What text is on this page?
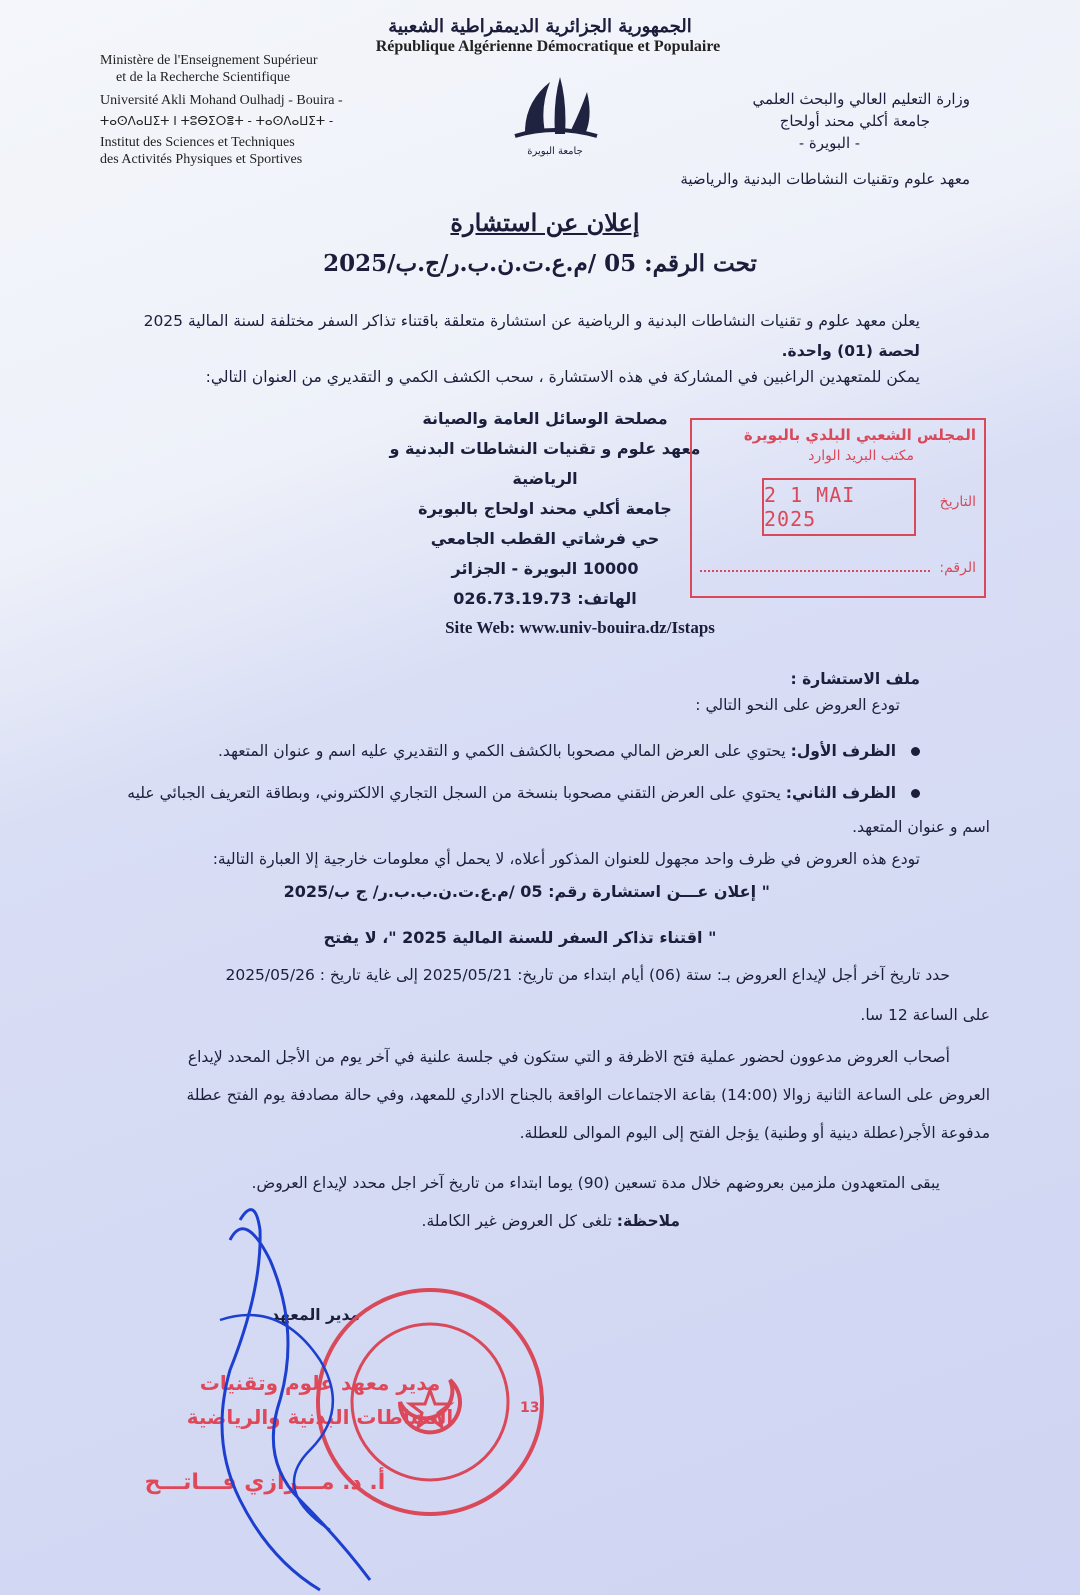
الجمهورية الجزائرية الديمقراطية الشعبية
République Algérienne Démocratique et Populaire
Ministère de l'Enseignement Supérieur
et de la Recherche Scientifique
Université Akli Mohand Oulhadj - Bouira -
ⵜⴰⵙⴷⴰⵡⵉⵜ ⵏ ⵜⵓⴱⵉⵔⴻⵜ - ⵜⴰⵙⴷⴰⵡⵉⵜ -
Institut des Sciences et Techniques
des Activités Physiques et Sportives
جامعة البويرة
وزارة التعليم العالي والبحث العلمي
جامعة أكلي محند أولحاج
- البويرة -
معهد علوم وتقنيات النشاطات البدنية والرياضية
إعلان عن استشارة
تحت الرقم: 05 /م.ع.ت.ن.ب.ر/ج.ب/2025
يعلن معهد علوم و تقنيات النشاطات البدنية و الرياضية عن استشارة متعلقة باقتناء تذاكر السفر مختلفة لسنة المالية 2025
لحصة (01) واحدة.
يمكن للمتعهدين الراغبين في المشاركة في هذه الاستشارة ، سحب الكشف الكمي و التقديري من العنوان التالي:
مصلحة الوسائل العامة والصيانة
معهد علوم و تقنيات النشاطات البدنية و الرياضية
جامعة أكلي محند اولحاج بالبويرة
حي فرشاتي القطب الجامعي
10000 البويرة - الجزائر
الهاتف: 026.73.19.73
Site Web: www.univ-bouira.dz/Istaps
المجلس الشعبي البلدي بالبويرة
مكتب البريد الوارد
2 1 MAI 2025
التاريخ
الرقم:
ملف الاستشارة :
تودع العروض على النحو التالي :
الظرف الأول: يحتوي على العرض المالي مصحوبا بالكشف الكمي و التقديري عليه اسم و عنوان المتعهد.
الظرف الثاني: يحتوي على العرض التقني مصحوبا بنسخة من السجل التجاري الالكتروني، وبطاقة التعريف الجبائي عليه
اسم و عنوان المتعهد.
تودع هذه العروض في ظرف واحد مجهول للعنوان المذكور أعلاه، لا يحمل أي معلومات خارجية إلا العبارة التالية:
" إعلان عـــن استشارة رقم: 05 /م.ع.ت.ن.ب.ب.ر/ ج ب/2025
" اقتناء تذاكر السفر للسنة المالية 2025 "، لا يفتح
حدد تاريخ آخر أجل لإيداع العروض بـ: ستة (06) أيام ابتداء من تاريخ: 2025/05/21 إلى غاية تاريخ : 2025/05/26
على الساعة 12 سا.
أصحاب العروض مدعوون لحضور عملية فتح الاظرفة و التي ستكون في جلسة علنية في آخر يوم من الأجل المحدد لإيداع
العروض على الساعة الثانية زوالا (14:00) بقاعة الاجتماعات الواقعة بالجناح الاداري للمعهد، وفي حالة مصادفة يوم الفتح عطلة
مدفوعة الأجر(عطلة دينية أو وطنية) يؤجل الفتح إلى اليوم الموالى للعطلة.
يبقى المتعهدون ملزمين بعروضهم خلال مدة تسعين (90) يوما ابتداء من تاريخ آخر اجل محدد لإيداع العروض.
ملاحظة: تلغى كل العروض غير الكاملة.
مدير المعهد
13
مدير معهد علوم وتقنيات
النشاطات البدنية والرياضية
أ. د. مـــرازي فـــاتـــح
